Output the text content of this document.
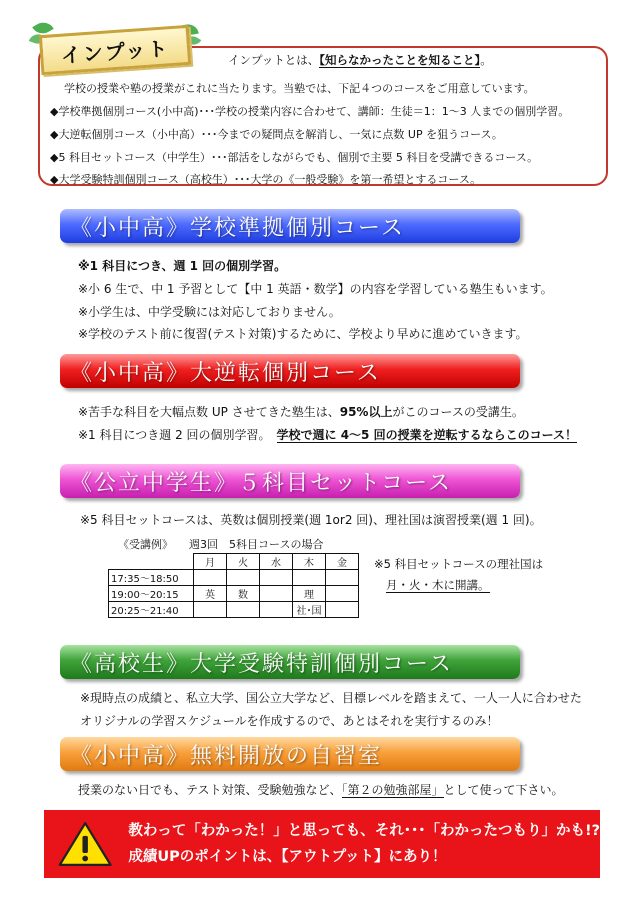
インプット	インプットとは、【知らなかったことを知ること】。
学校の授業や塾の授業がこれに当たります。当塾では、下記４つのコースをご用意しています。
◆学校準拠個別コース(小中高)･･･学校の授業内容に合わせて、講師：生徒＝1：1～3 人までの個別学習。
◆大逆転個別コース（小中高）･･･今までの疑問点を解消し、一気に点数 UP を狙うコース。
◆5 科目セットコース（中学生）･･･部活をしながらでも、個別で主要 5 科目を受講できるコース。
◆大学受験特訓個別コース（高校生）･･･大学の《一般受験》を第一希望とするコース。
《小中高》学校準拠個別コース
※1 科目につき、週 1 回の個別学習。
※小 6 生で、中 1 予習として【中 1 英語・数学】の内容を学習している塾生もいます。
※小学生は、中学受験には対応しておりません。
※学校のテスト前に復習(テスト対策)するために、学校より早めに進めていきます。
《小中高》大逆転個別コース
※苦手な科目を大幅点数 UP させてきた塾生は、95%以上がこのコースの受講生。
※1 科目につき週 2 回の個別学習。 学校で週に 4～5 回の授業を逆転するならこのコース！
《公立中学生》５科目セットコース
※5 科目セットコースは、英数は個別授業(週 1or2 回)、理社国は演習授業(週 1 回)。
《受講例》 週3回　5科目コースの場合
	月	火	水	木	金
17:35～18:50					
19:00～20:15	英	数		理	
20:25～21:40				社･国	
※5 科目セットコースの理社国は
月・火・木に開講。
《高校生》大学受験特訓個別コース
※現時点の成績と、私立大学、国公立大学など、目標レベルを踏まえて、一人一人に合わせた
オリジナルの学習スケジュールを作成するので、あとはそれを実行するのみ！
《小中高》無料開放の自習室
授業のない日でも、テスト対策、受験勉強など、「第２の勉強部屋」として使って下さい。
教わって「わかった！」と思っても、それ･･･「わかったつもり」かも!?
成績UPのポイントは、【アウトプット】にあり！
